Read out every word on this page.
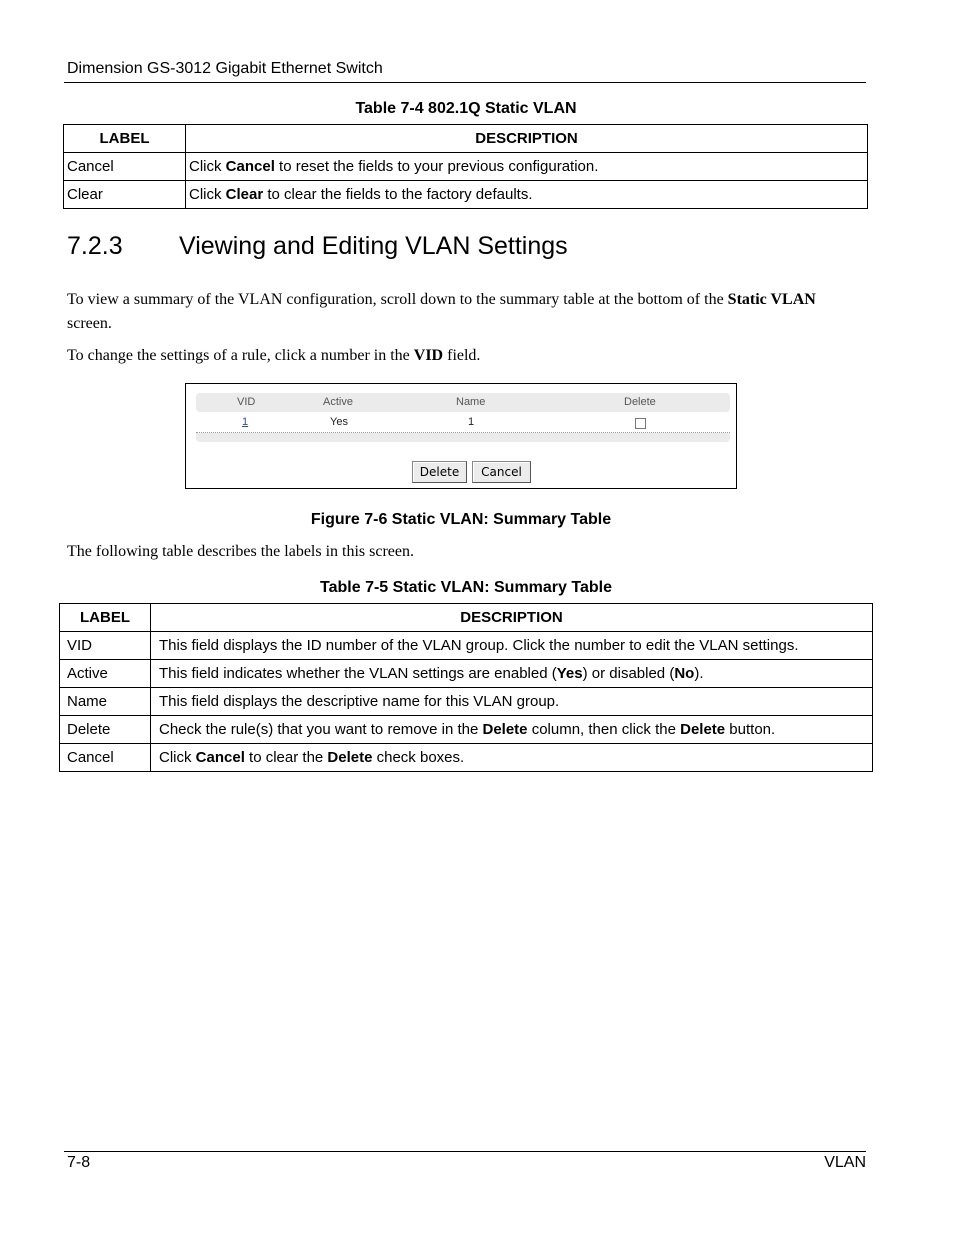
Dimension GS-3012 Gigabit Ethernet Switch
Table 7-4 802.1Q Static VLAN
LABEL	DESCRIPTION
Cancel	Click Cancel to reset the fields to your previous configuration.
Clear	Click Clear to clear the fields to the factory defaults.
7.2.3 Viewing and Editing VLAN Settings
To view a summary of the VLAN configuration, scroll down to the summary table at the bottom of the Static VLAN screen.
To change the settings of a rule, click a number in the VID field.
VID	Active	Name	Delete
1	Yes	1
Delete	Cancel
Figure 7-6 Static VLAN: Summary Table
The following table describes the labels in this screen.
Table 7-5 Static VLAN: Summary Table
LABEL	DESCRIPTION
VID	This field displays the ID number of the VLAN group. Click the number to edit the VLAN settings.
Active	This field indicates whether the VLAN settings are enabled (Yes) or disabled (No).
Name	This field displays the descriptive name for this VLAN group.
Delete	Check the rule(s) that you want to remove in the Delete column, then click the Delete button.
Cancel	Click Cancel to clear the Delete check boxes.
7-8	VLAN
